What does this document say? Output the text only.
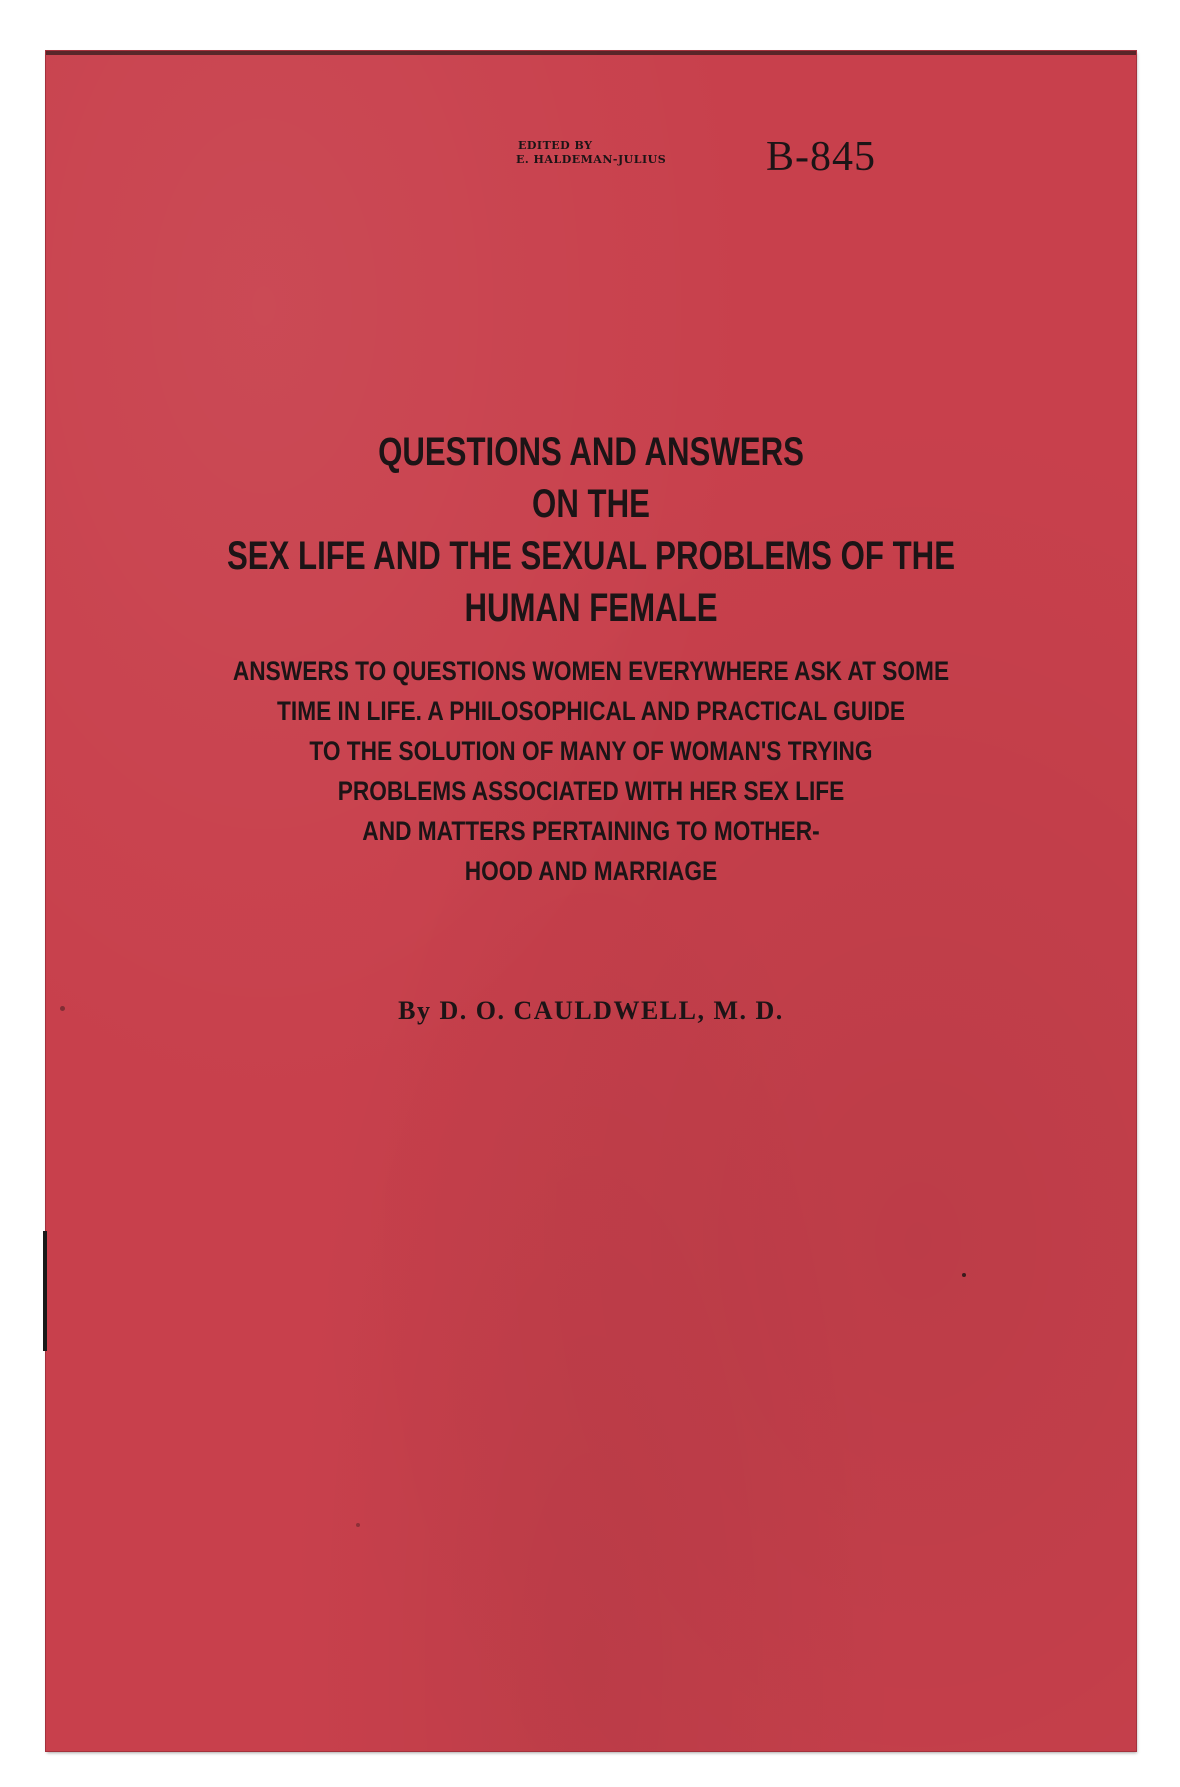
EDITED BY
E. HALDEMAN-JULIUS	B-845
QUESTIONS AND ANSWERS
ON THE
SEX LIFE AND THE SEXUAL PROBLEMS OF THE
HUMAN FEMALE
ANSWERS TO QUESTIONS WOMEN EVERYWHERE ASK AT SOME
TIME IN LIFE. A PHILOSOPHICAL AND PRACTICAL GUIDE
TO THE SOLUTION OF MANY OF WOMAN'S TRYING
PROBLEMS ASSOCIATED WITH HER SEX LIFE
AND MATTERS PERTAINING TO MOTHER-
HOOD AND MARRIAGE
By D. O. CAULDWELL, M. D.
